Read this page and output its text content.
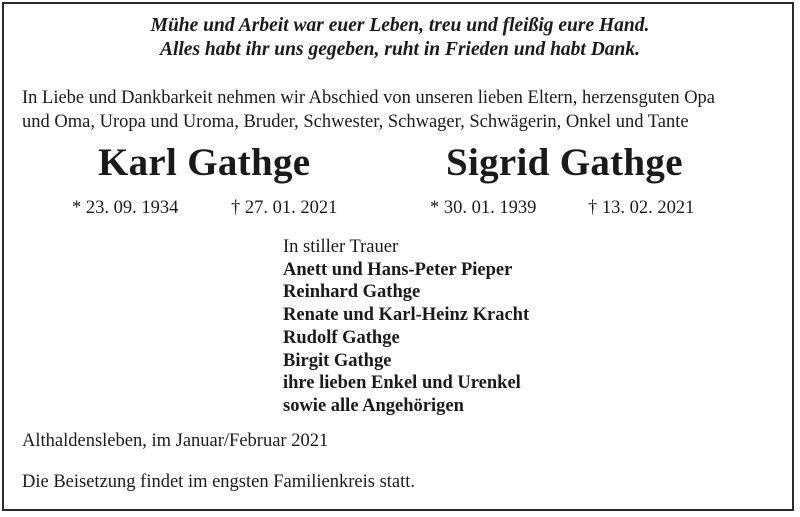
Mühe und Arbeit war euer Leben, treu und fleißig eure Hand.
Alles habt ihr uns gegeben, ruht in Frieden und habt Dank.
In Liebe und Dankbarkeit nehmen wir Abschied von unseren lieben Eltern, herzensguten Opa
und Oma, Uropa und Uroma, Bruder, Schwester, Schwager, Schwägerin, Onkel und Tante
Karl Gathge	Sigrid Gathge
* 23. 09. 1934	† 27. 01. 2021	* 30. 01. 1939	† 13. 02. 2021
In stiller Trauer
Anett und Hans-Peter Pieper
Reinhard Gathge
Renate und Karl-Heinz Kracht
Rudolf Gathge
Birgit Gathge
ihre lieben Enkel und Urenkel
sowie alle Angehörigen
Althaldensleben, im Januar/Februar 2021
Die Beisetzung findet im engsten Familienkreis statt.
